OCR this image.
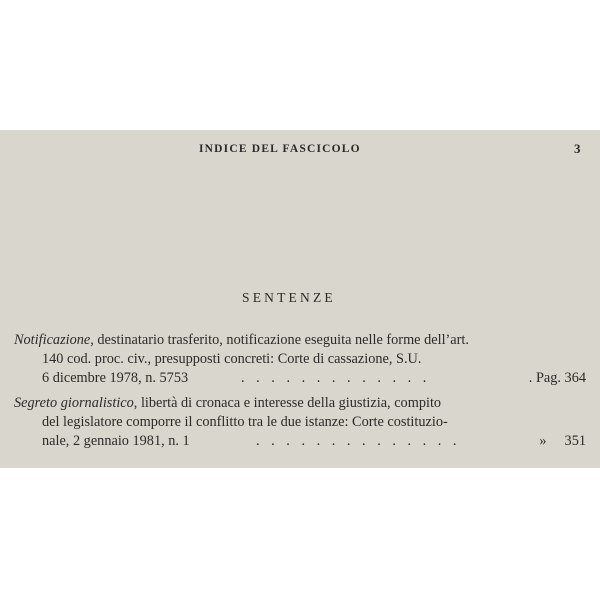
INDICE DEL FASCICOLO	3
SENTENZE
Notificazione, destinatario trasferito, notificazione eseguita nelle forme dell’art.
140 cod. proc. civ., presupposti concreti: Corte di cassazione, S.U.
6 dicembre 1978, n. 5753	. . . . . . . . . . . . .	. Pag. 364
Segreto giornalistico, libertà di cronaca e interesse della giustizia, compito
del legislatore comporre il conflitto tra le due istanze: Corte costituzio-
nale, 2 gennaio 1981, n. 1	. . . . . . . . . . . . . .	» 351
